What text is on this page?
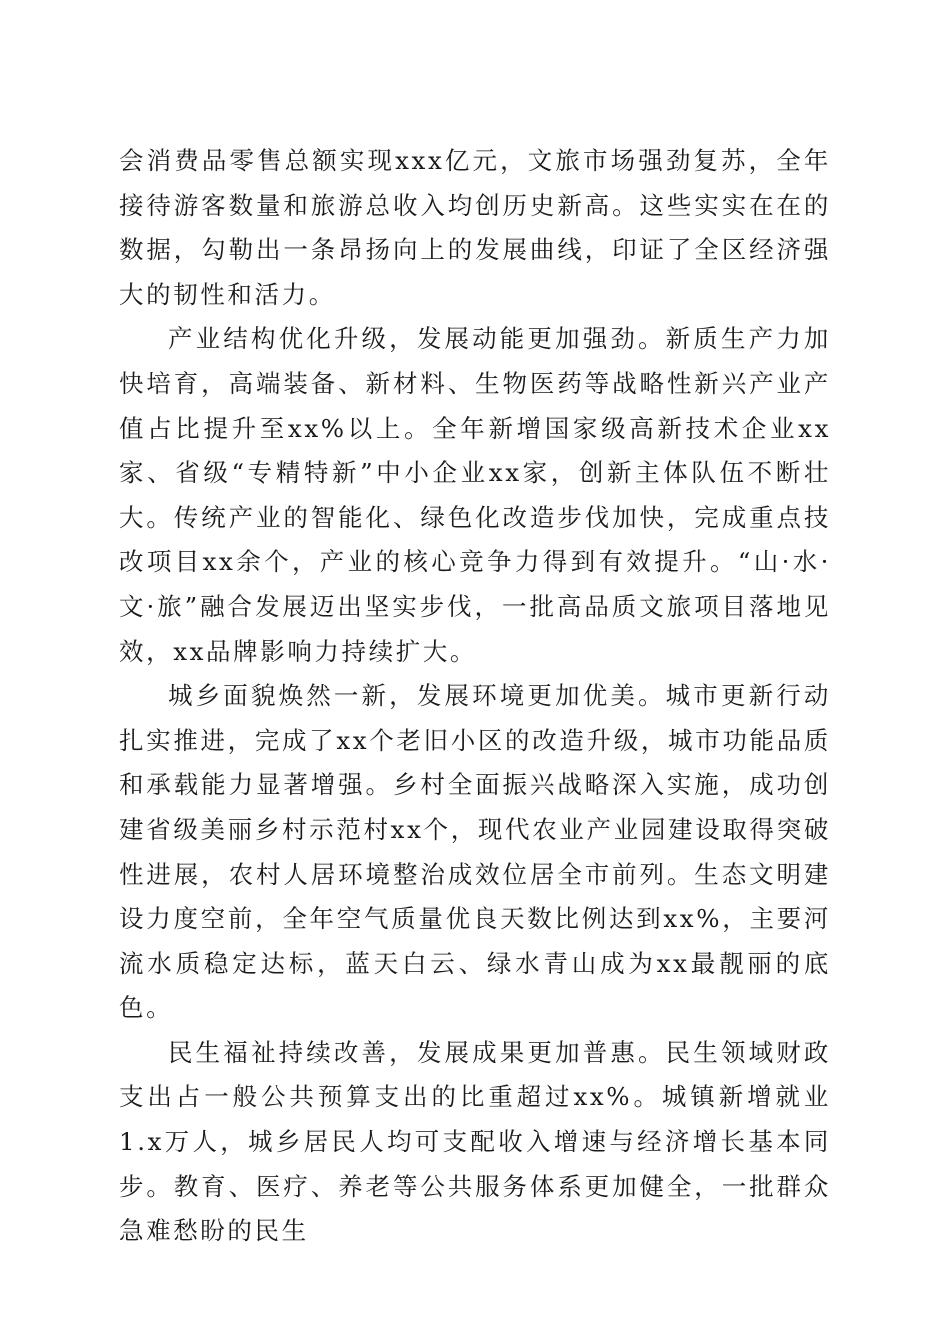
会消费品零售总额实现xxx亿元，文旅市场强劲复苏，全年接待游客数量和旅游总收入均创历史新高。这些实实在在的数据，勾勒出一条昂扬向上的发展曲线，印证了全区经济强大的韧性和活力。

产业结构优化升级，发展动能更加强劲。新质生产力加快培育，高端装备、新材料、生物医药等战略性新兴产业产值占比提升至xx%以上。全年新增国家级高新技术企业xx家、省级“专精特新”中小企业xx家，创新主体队伍不断壮大。传统产业的智能化、绿色化改造步伐加快，完成重点技改项目xx余个，产业的核心竞争力得到有效提升。“山·水·文·旅”融合发展迈出坚实步伐，一批高品质文旅项目落地见效，xx品牌影响力持续扩大。

城乡面貌焕然一新，发展环境更加优美。城市更新行动扎实推进，完成了xx个老旧小区的改造升级，城市功能品质和承载能力显著增强。乡村全面振兴战略深入实施，成功创建省级美丽乡村示范村xx个，现代农业产业园建设取得突破性进展，农村人居环境整治成效位居全市前列。生态文明建设力度空前，全年空气质量优良天数比例达到xx%，主要河流水质稳定达标，蓝天白云、绿水青山成为xx最靓丽的底色。

民生福祉持续改善，发展成果更加普惠。民生领域财政支出占一般公共预算支出的比重超过xx%。城镇新增就业1.x万人，城乡居民人均可支配收入增速与经济增长基本同步。教育、医疗、养老等公共服务体系更加健全，一批群众急难愁盼的民生
